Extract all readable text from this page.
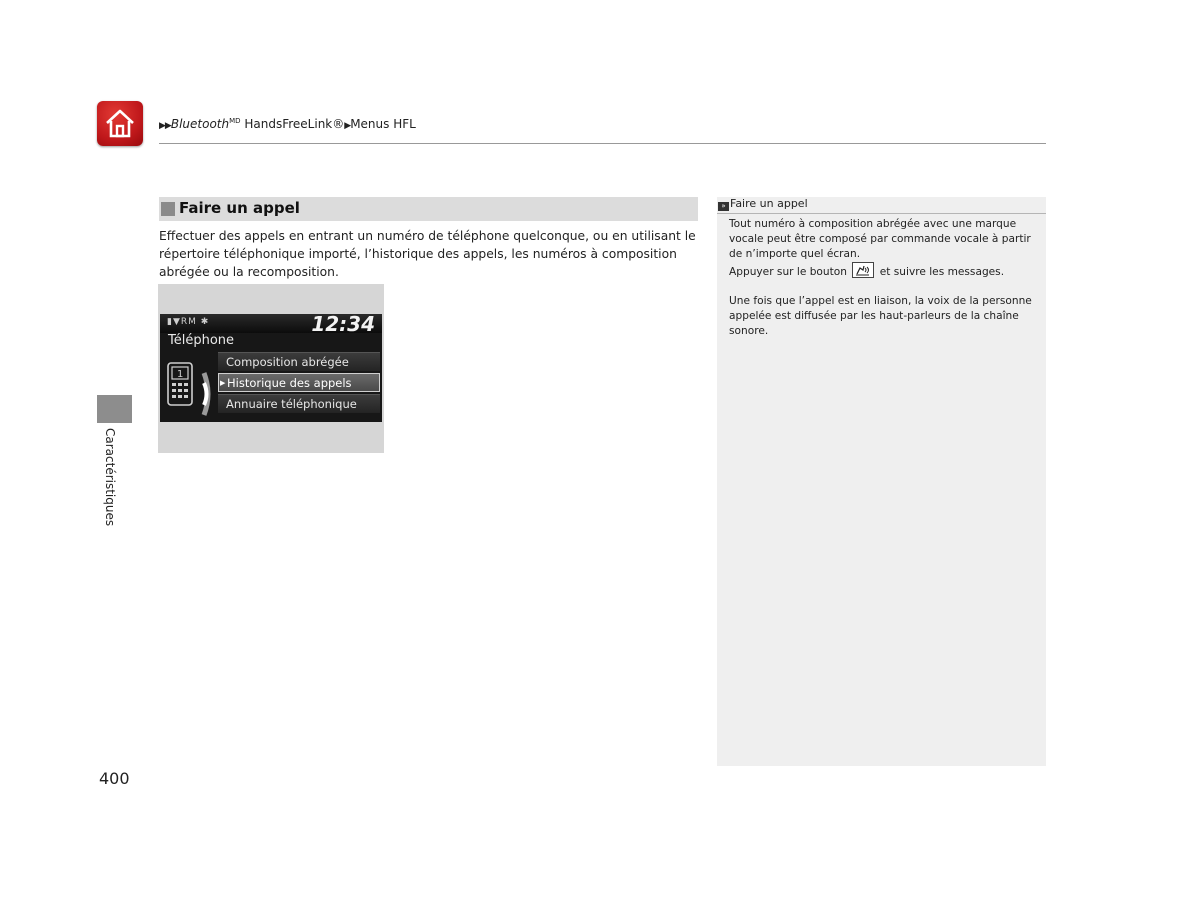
▶▶Bluetooth$^{MD}$ HandsFreeLink®▶Menus HFL
Faire un appel
Effectuer des appels en entrant un numéro de téléphone quelconque, ou en utilisant le répertoire téléphonique importé, l’historique des appels, les numéros à composition abrégée ou la recomposition.
▮▼RM ✱	12:34
Téléphone
1
Composition abrégée
▶ Historique des appels
Annuaire téléphonique
Caractéristiques
400
» Faire un appel

Tout numéro à composition abrégée avec une marque vocale peut être composé par commande vocale à partir de n’importe quel écran.

Appuyer sur le bouton	et suivre les messages.

Une fois que l’appel est en liaison, la voix de la personne appelée est diffusée par les haut-parleurs de la chaîne sonore.
